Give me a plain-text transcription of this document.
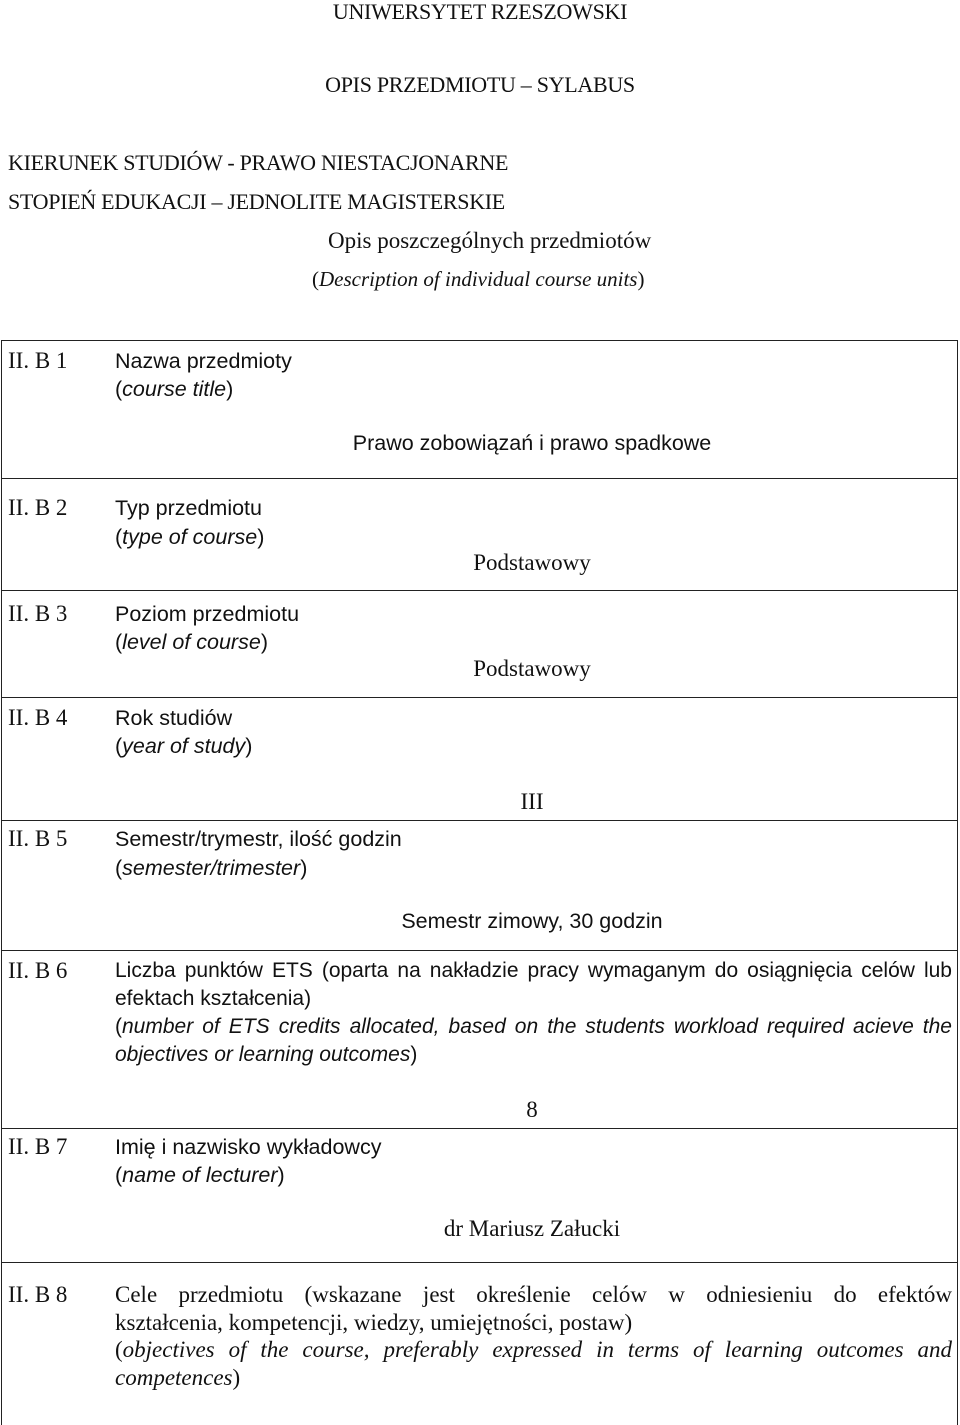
UNIWERSYTET RZESZOWSKI
OPIS PRZEDMIOTU – SYLABUS
KIERUNEK STUDIÓW - PRAWO NIESTACJONARNE
STOPIEŃ EDUKACJI – JEDNOLITE MAGISTERSKIE
Opis poszczególnych przedmiotów
(Description of individual course units)
II. B 1 Nazwa przedmioty
(course title)
Prawo zobowiązań i prawo spadkowe
II. B 2 Typ przedmiotu
(type of course)
Podstawowy
II. B 3 Poziom przedmiotu
(level of course)
Podstawowy
II. B 4 Rok studiów
(year of study)
III
II. B 5 Semestr/trymestr, ilość godzin
(semester/trimester)
Semestr zimowy, 30 godzin
II. B 6 Liczba punktów ETS (oparta na nakładzie pracy wymaganym do osiągnięcia celów lub
efektach kształcenia)
(number of ETS credits allocated, based on the students workload required acieve the
objectives or learning outcomes)
8
II. B 7 Imię i nazwisko wykładowcy
(name of lecturer)
dr Mariusz Załucki
II. B 8 Cele przedmiotu (wskazane jest określenie celów w odniesieniu do efektów
kształcenia, kompetencji, wiedzy, umiejętności, postaw)
(objectives of the course, preferably expressed in terms of learning outcomes and
competences)
